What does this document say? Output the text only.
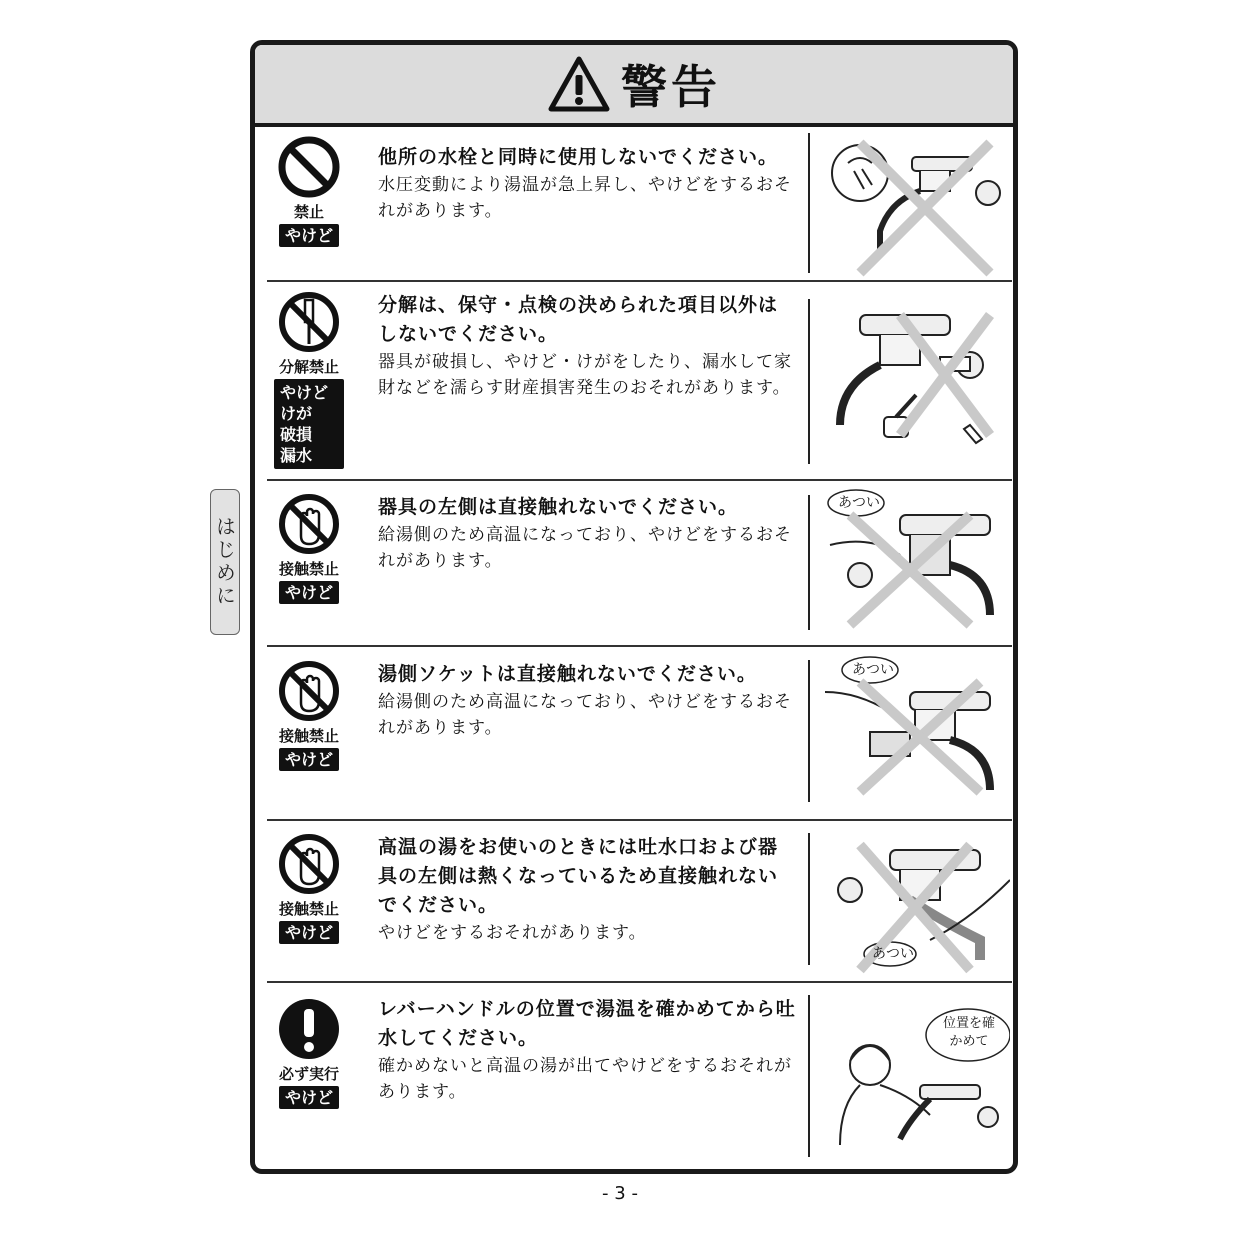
警告
禁止
やけど
他所の水栓と同時に使用しないでください。
水圧変動により湯温が急上昇し、やけどをするおそれがあります。
分解禁止
やけど
けが
破損
漏水
分解は、保守・点検の決められた項目以外はしないでください。
器具が破損し、やけど・けがをしたり、漏水して家財などを濡らす財産損害発生のおそれがあります。
接触禁止
やけど
器具の左側は直接触れないでください。
給湯側のため高温になっており、やけどをするおそれがあります。
あつい
接触禁止
やけど
湯側ソケットは直接触れないでください。
給湯側のため高温になっており、やけどをするおそれがあります。
あつい
接触禁止
やけど
高温の湯をお使いのときには吐水口および器具の左側は熱くなっているため直接触れないでください。
やけどをするおそれがあります。
あつい
必ず実行
やけど
レバーハンドルの位置で湯温を確かめてから吐水してください。
確かめないと高温の湯が出てやけどをするおそれがあります。
位置を確かめて
はじめに
- 3 -
